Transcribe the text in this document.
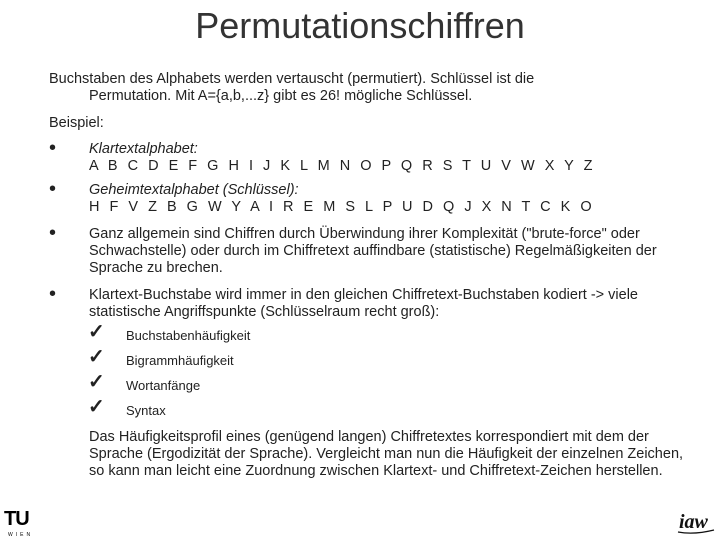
Permutationschiffren
Buchstaben des Alphabets werden vertauscht (permutiert). Schlüssel ist die
Permutation. Mit A={a,b,...z} gibt es 26! mögliche Schlüssel.
Beispiel:
• Klartextalphabet:
A B C D E F G H I J K L M N O P Q R S T U V W X Y Z
• Geheimtextalphabet (Schlüssel):
H F V Z B G W Y A I R E M S L P U D Q J X N T C K O
• Ganz allgemein sind Chiffren durch Überwindung ihrer Komplexität ("brute-force" oder Schwachstelle) oder durch im Chiffretext auffindbare (statistische) Regelmäßigkeiten der Sprache zu brechen.
• Klartext-Buchstabe wird immer in den gleichen Chiffretext-Buchstaben kodiert -> viele statistische Angriffspunkte (Schlüsselraum recht groß):
✓ Buchstabenhäufigkeit
✓ Bigrammhäufigkeit
✓ Wortanfänge
✓ Syntax
Das Häufigkeitsprofil eines (genügend langen) Chiffretextes korrespondiert mit dem der Sprache (Ergodizität der Sprache). Vergleicht man nun die Häufigkeit der einzelnen Zeichen, so kann man leicht eine Zuordnung zwischen Klartext- und Chiffretext-Zeichen herstellen.
TU
WIEN
iaw
